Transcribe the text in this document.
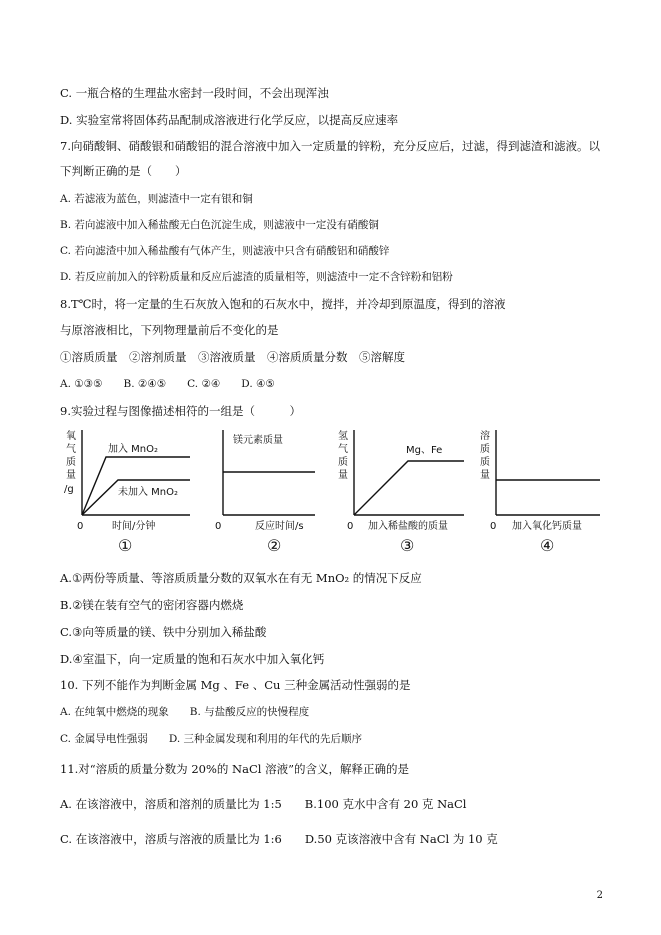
C. 一瓶合格的生理盐水密封一段时间，不会出现浑浊
D. 实验室常将固体药品配制成溶液进行化学反应，以提高反应速率
7.向硝酸铜、硝酸银和硝酸铝的混合溶液中加入一定质量的锌粉，充分反应后，过滤，得到滤渣和滤液。以
下判断正确的是（　　）
A. 若滤液为蓝色，则滤渣中一定有银和铜
B. 若向滤液中加入稀盐酸无白色沉淀生成，则滤液中一定没有硝酸铜
C. 若向滤渣中加入稀盐酸有气体产生，则滤液中只含有硝酸铝和硝酸锌
D. 若反应前加入的锌粉质量和反应后滤渣的质量相等，则滤渣中一定不含锌粉和铝粉
8.T℃时，将一定量的生石灰放入饱和的石灰水中，搅拌，并冷却到原温度，得到的溶液
与原溶液相比，下列物理量前后不变化的是
①溶质质量　②溶剂质量　③溶液质量　④溶质质量分数　⑤溶解度
A. ①③⑤　　B. ②④⑤　　C. ②④　　D. ④⑤
9.实验过程与图像描述相符的一组是（　　　）
氧
气
质
量
/g
加入 MnO₂
未加入 MnO₂
0	时间/分钟
①
镁元素质量
0	反应时间/s
②
氢
气
质
量
Mg、Fe
0 加入稀盐酸的质量
③
溶
质
质
量
0 加入氧化钙质量
④
A.①两份等质量、等溶质质量分数的双氧水在有无 MnO₂ 的情况下反应
B.②镁在装有空气的密闭容器内燃烧
C.③向等质量的镁、铁中分别加入稀盐酸
D.④室温下，向一定质量的饱和石灰水中加入氧化钙
10. 下列不能作为判断金属 Mg 、Fe 、Cu 三种金属活动性强弱的是
A. 在纯氧中燃烧的现象　　B. 与盐酸反应的快慢程度
C. 金属导电性强弱　　D. 三种金属发现和利用的年代的先后顺序
11.对“溶质的质量分数为 20%的 NaCl 溶液”的含义，解释正确的是
A. 在该溶液中，溶质和溶剂的质量比为 1:5　　B.100 克水中含有 20 克 NaCl
C. 在该溶液中，溶质与溶液的质量比为 1:6　　D.50 克该溶液中含有 NaCl 为 10 克
2
